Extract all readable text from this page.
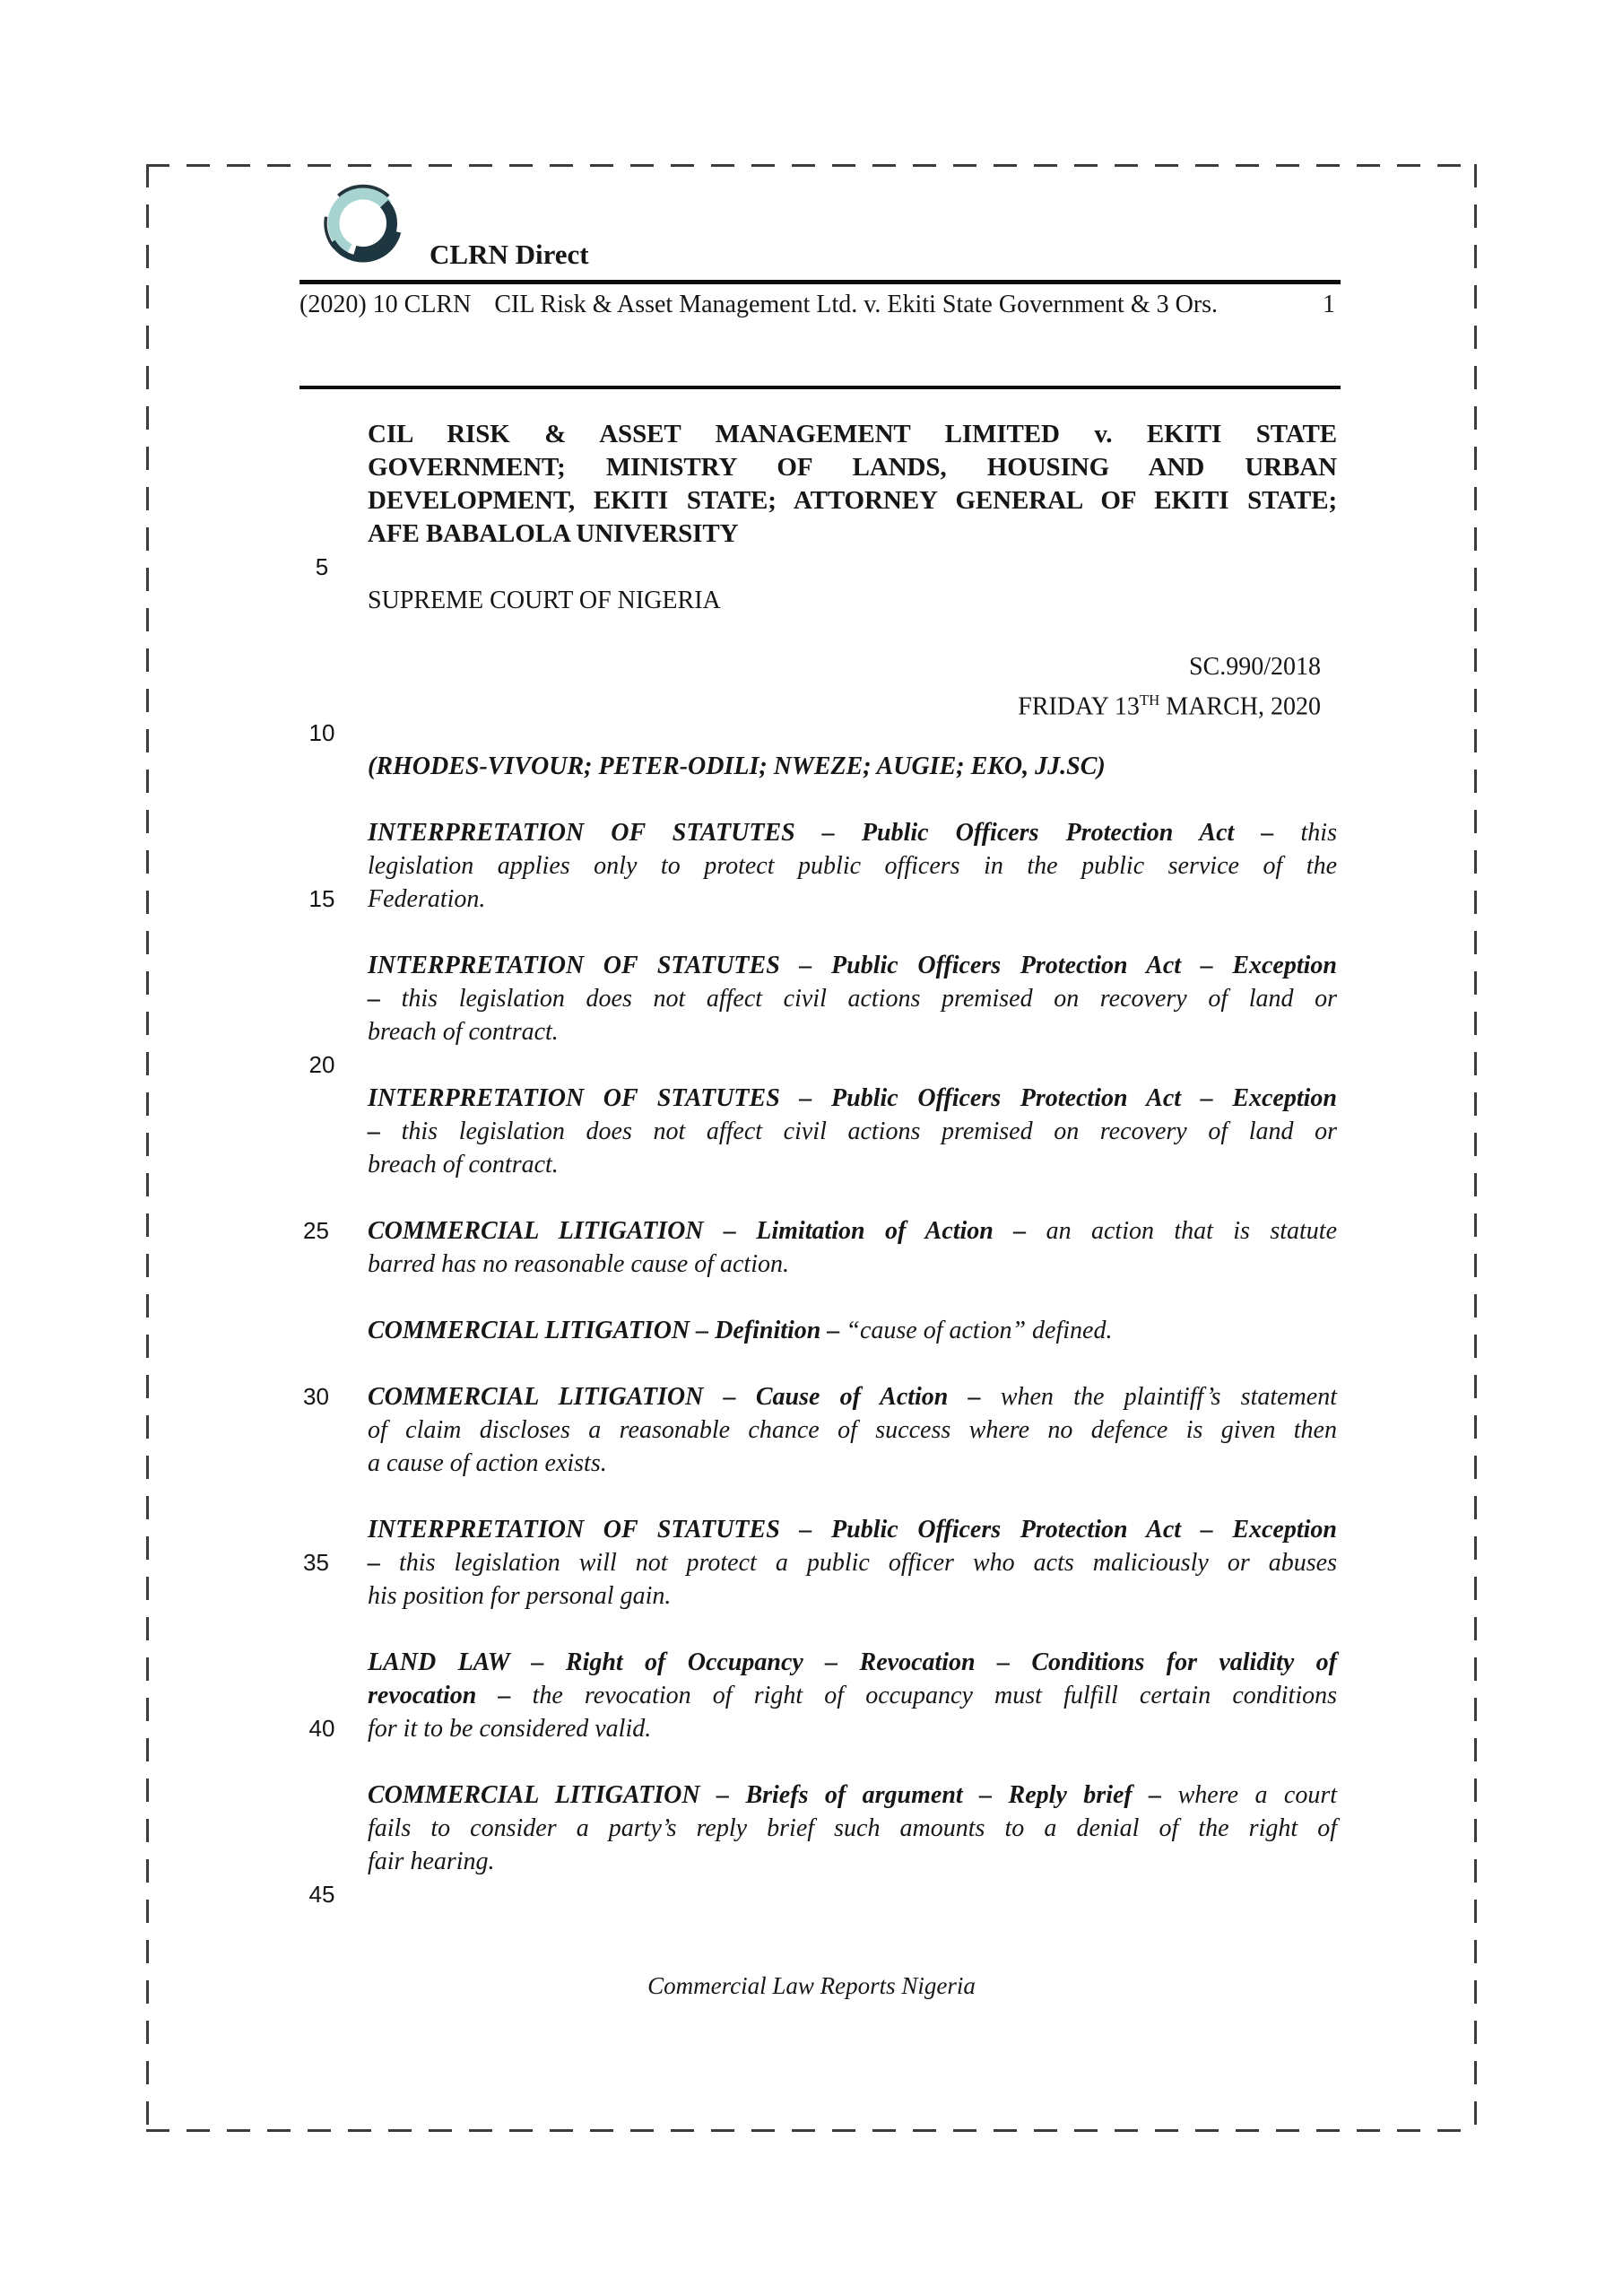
CLRN Direct
(2020) 10 CLRN CIL Risk & Asset Management Ltd. v. Ekiti State Government & 3 Ors.	1
CIL RISK & ASSET MANAGEMENT LIMITED v. EKITI STATE
GOVERNMENT; MINISTRY OF LANDS, HOUSING AND URBAN
DEVELOPMENT, EKITI STATE; ATTORNEY GENERAL OF EKITI STATE;
AFE BABALOLA UNIVERSITY
5
SUPREME COURT OF NIGERIA
SC.990/2018
FRIDAY 13TH MARCH, 2020
10
(RHODES-VIVOUR; PETER-ODILI; NWEZE; AUGIE; EKO, JJ.SC)
INTERPRETATION OF STATUTES – Public Officers Protection Act – this
legislation applies only to protect public officers in the public service of the
Federation.
15
INTERPRETATION OF STATUTES – Public Officers Protection Act – Exception
– this legislation does not affect civil actions premised on recovery of land or
breach of contract.
20
INTERPRETATION OF STATUTES – Public Officers Protection Act – Exception
– this legislation does not affect civil actions premised on recovery of land or
breach of contract.
COMMERCIAL LITIGATION – Limitation of Action – an action that is statute
25
barred has no reasonable cause of action.
COMMERCIAL LITIGATION – Definition – “cause of action” defined.
COMMERCIAL LITIGATION – Cause of Action – when the plaintiff’s statement
30
of claim discloses a reasonable chance of success where no defence is given then
a cause of action exists.
INTERPRETATION OF STATUTES – Public Officers Protection Act – Exception
– this legislation will not protect a public officer who acts maliciously or abuses
35
his position for personal gain.
LAND LAW – Right of Occupancy – Revocation – Conditions for validity of
revocation – the revocation of right of occupancy must fulfill certain conditions
for it to be considered valid.
40
COMMERCIAL LITIGATION – Briefs of argument – Reply brief – where a court
fails to consider a party’s reply brief such amounts to a denial of the right of
fair hearing.
45
Commercial Law Reports Nigeria
